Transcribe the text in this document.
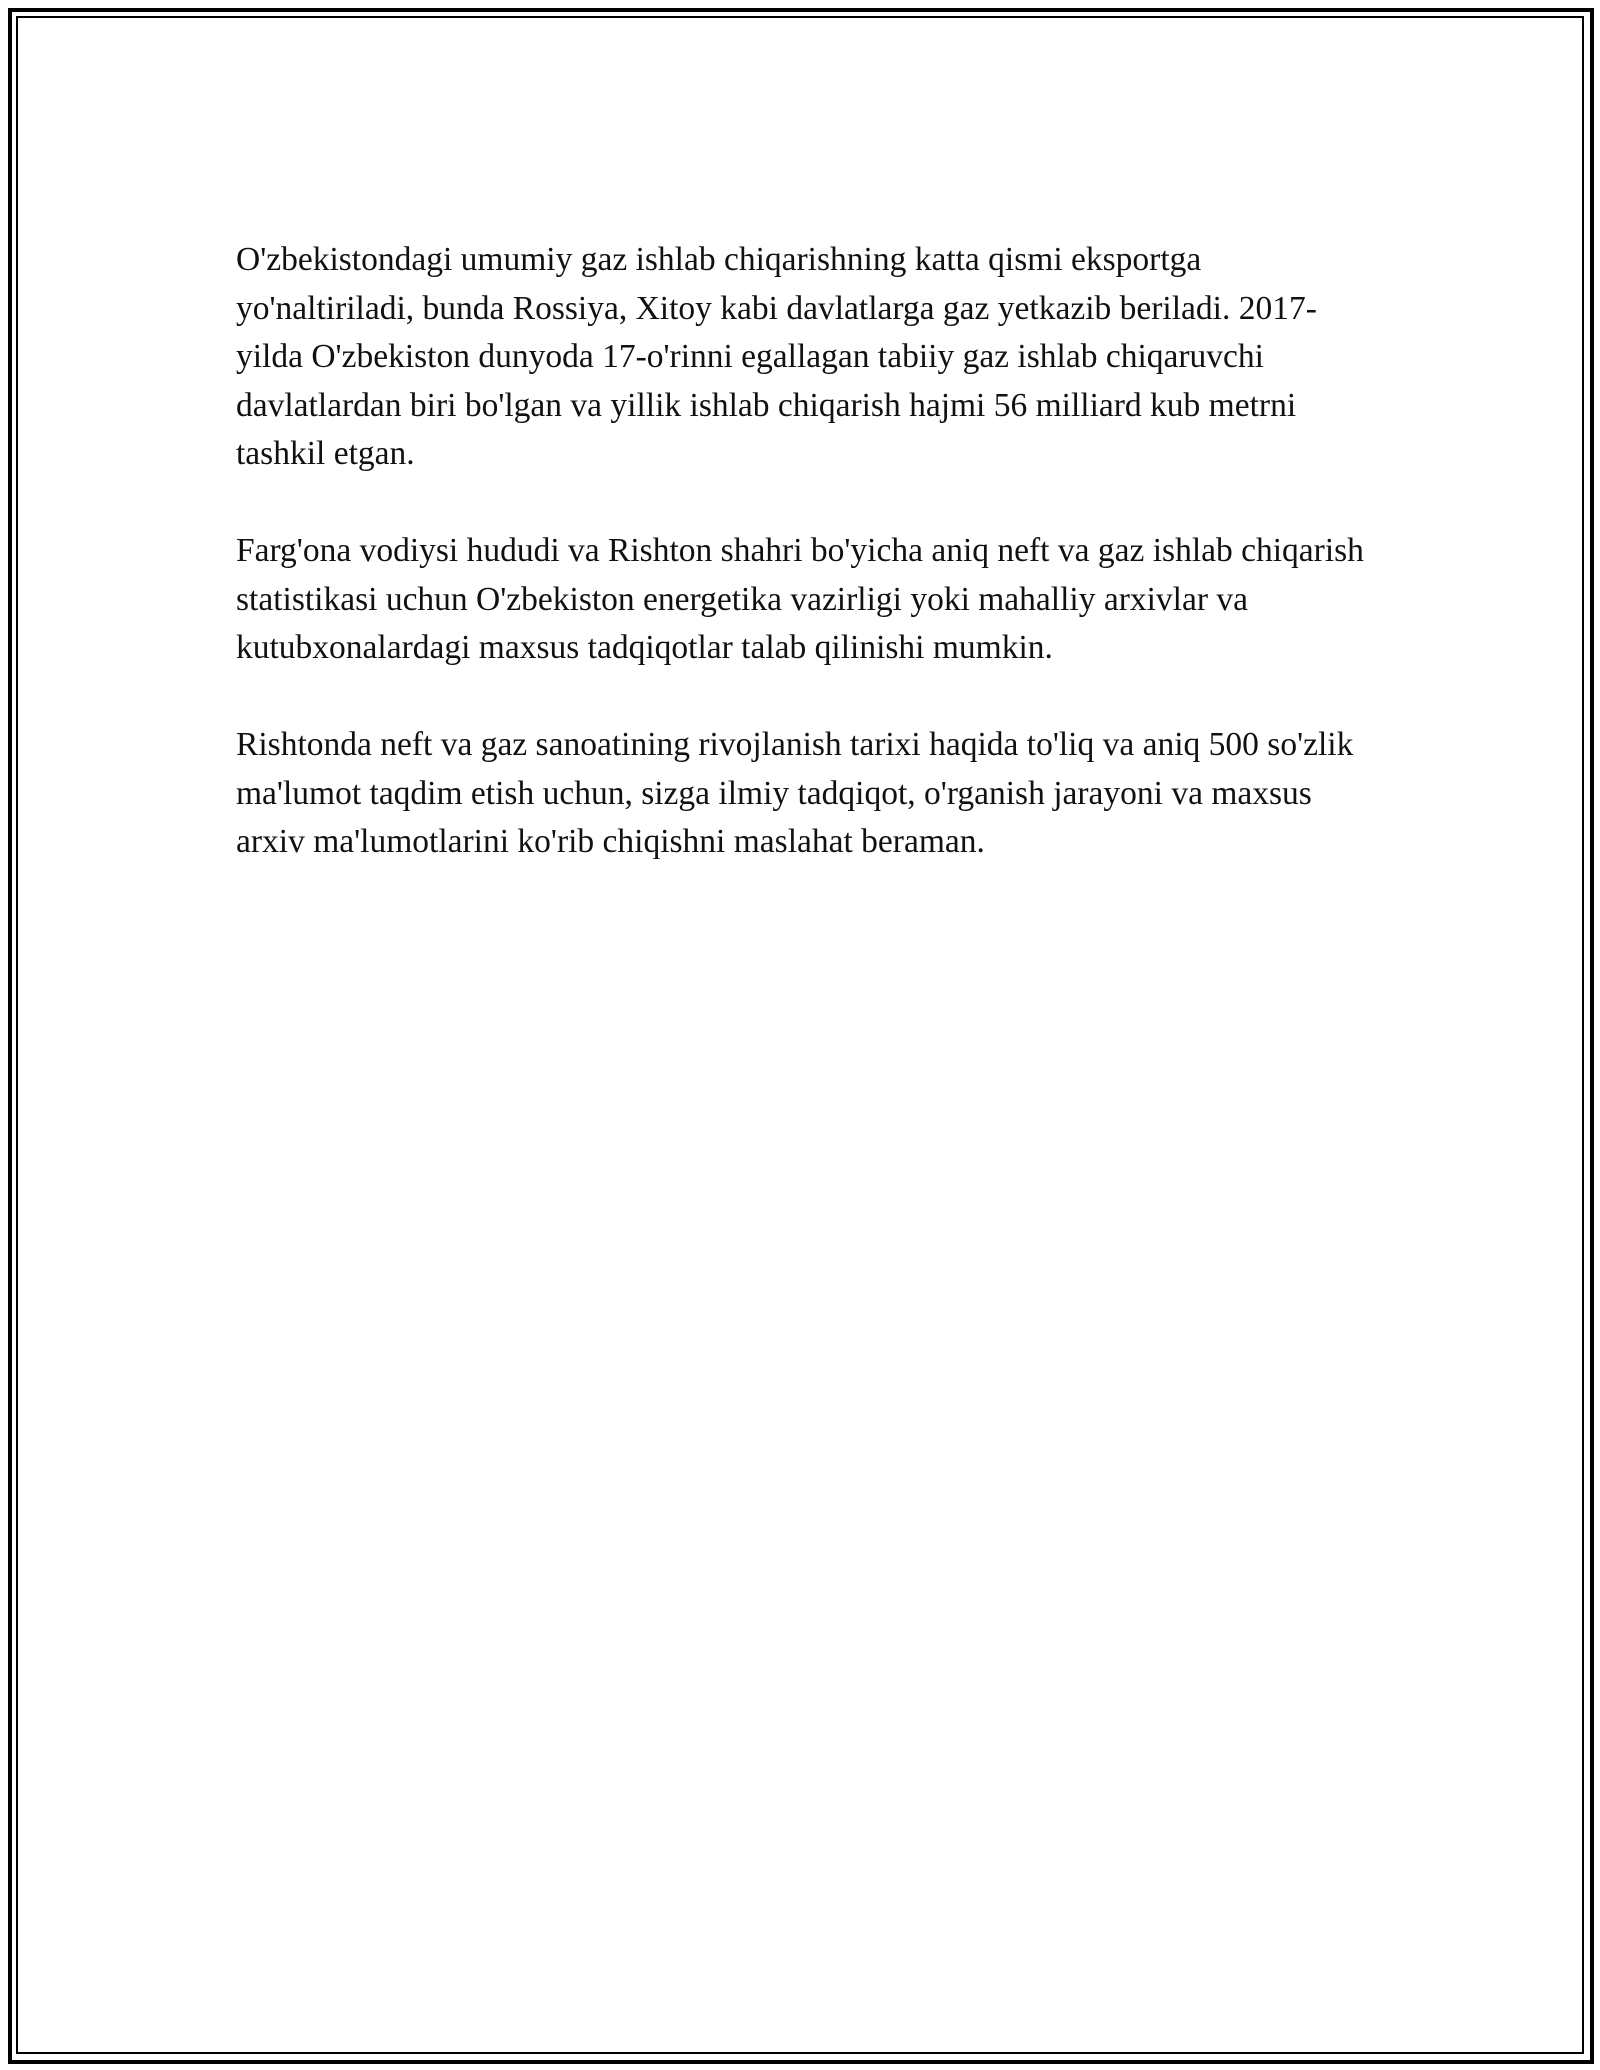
O'zbekistondagi umumiy gaz ishlab chiqarishning katta qismi eksportga yo'naltiriladi, bunda Rossiya, Xitoy kabi davlatlarga gaz yetkazib beriladi. 2017-yilda O'zbekiston dunyoda 17-o'rinni egallagan tabiiy gaz ishlab chiqaruvchi davlatlardan biri bo'lgan va yillik ishlab chiqarish hajmi 56 milliard kub metrni tashkil etgan.

Farg'ona vodiysi hududi va Rishton shahri bo'yicha aniq neft va gaz ishlab chiqarish statistikasi uchun O'zbekiston energetika vazirligi yoki mahalliy arxivlar va kutubxonalardagi maxsus tadqiqotlar talab qilinishi mumkin.

Rishtonda neft va gaz sanoatining rivojlanish tarixi haqida to'liq va aniq 500 so'zlik ma'lumot taqdim etish uchun, sizga ilmiy tadqiqot, o'rganish jarayoni va maxsus arxiv ma'lumotlarini ko'rib chiqishni maslahat beraman.
